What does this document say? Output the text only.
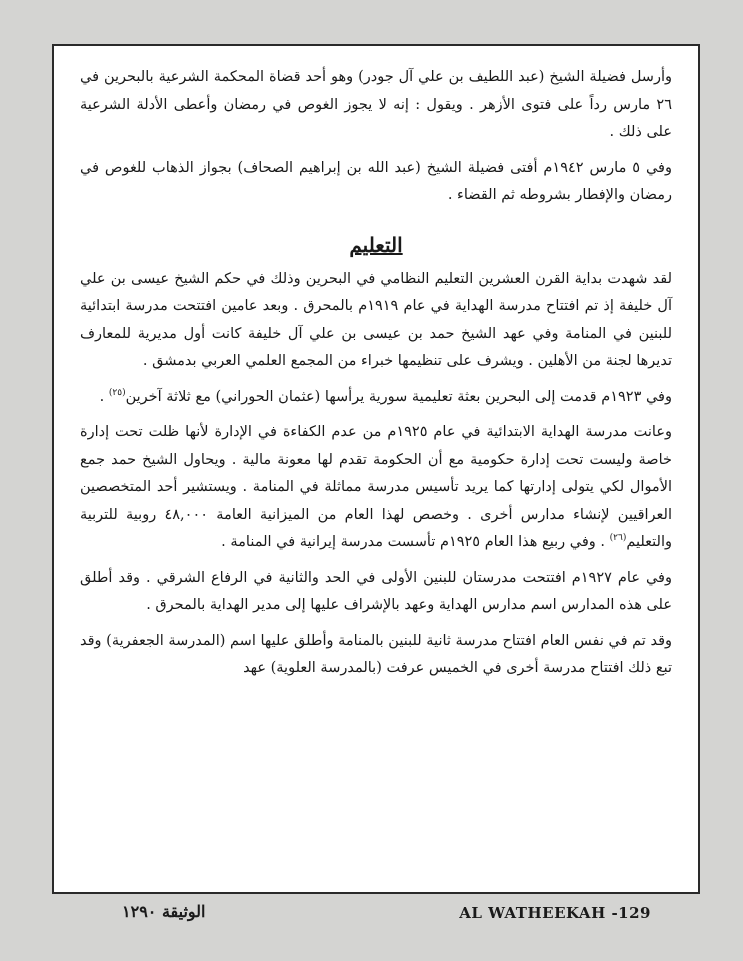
وأرسل فضيلة الشيخ (عبد اللطيف بن علي آل جودر) وهو أحد قضاة المحكمة الشرعية بالبحرين في ٢٦ مارس رداً على فتوى الأزهر . ويقول : إنه لا يجوز الغوص في رمضان وأعطى الأدلة الشرعية على ذلك .

وفي ٥ مارس ١٩٤٢م أفتى فضيلة الشيخ (عبد الله بن إبراهيم الصحاف) بجواز الذهاب للغوص في رمضان والإفطار بشروطه ثم القضاء .

التعليم

لقد شهدت بداية القرن العشرين التعليم النظامي في البحرين وذلك في حكم الشيخ عيسى بن علي آل خليفة إذ تم افتتاح مدرسة الهداية في عام ١٩١٩م بالمحرق . وبعد عامين افتتحت مدرسة ابتدائية للبنين في المنامة وفي عهد الشيخ حمد بن عيسى بن علي آل خليفة كانت أول مديرية للمعارف تديرها لجنة من الأهلين . ويشرف على تنظيمها خبراء من المجمع العلمي العربي بدمشق .

وفي ١٩٢٣م قدمت إلى البحرين بعثة تعليمية سورية يرأسها (عثمان الحوراني) مع ثلاثة آخرين$^{(٢٥)}$ .

وعانت مدرسة الهداية الابتدائية في عام ١٩٢٥م من عدم الكفاءة في الإدارة لأنها ظلت تحت إدارة خاصة وليست تحت إدارة حكومية مع أن الحكومة تقدم لها معونة مالية . ويحاول الشيخ حمد جمع الأموال لكي يتولى إدارتها كما يريد تأسيس مدرسة مماثلة في المنامة . ويستشير أحد المتخصصين العراقيين لإنشاء مدارس أخرى . وخصص لهذا العام من الميزانية العامة ٤٨,٠٠٠ روبية للتربية والتعليم$^{(٢٦)}$ . وفي ربيع هذا العام ١٩٢٥م تأسست مدرسة إيرانية في المنامة .

وفي عام ١٩٢٧م افتتحت مدرستان للبنين الأولى في الحد والثانية في الرفاع الشرقي . وقد أطلق على هذه المدارس اسم مدارس الهداية وعهد بالإشراف عليها إلى مدير الهداية بالمحرق .

وقد تم في نفس العام افتتاح مدرسة ثانية للبنين بالمنامة وأطلق عليها اسم (المدرسة الجعفرية) وقد تبع ذلك افتتاح مدرسة أخرى في الخميس عرفت (بالمدرسة العلوية) عهد

الوثيقة ١٢٩٠	AL WATHEEKAH -129
